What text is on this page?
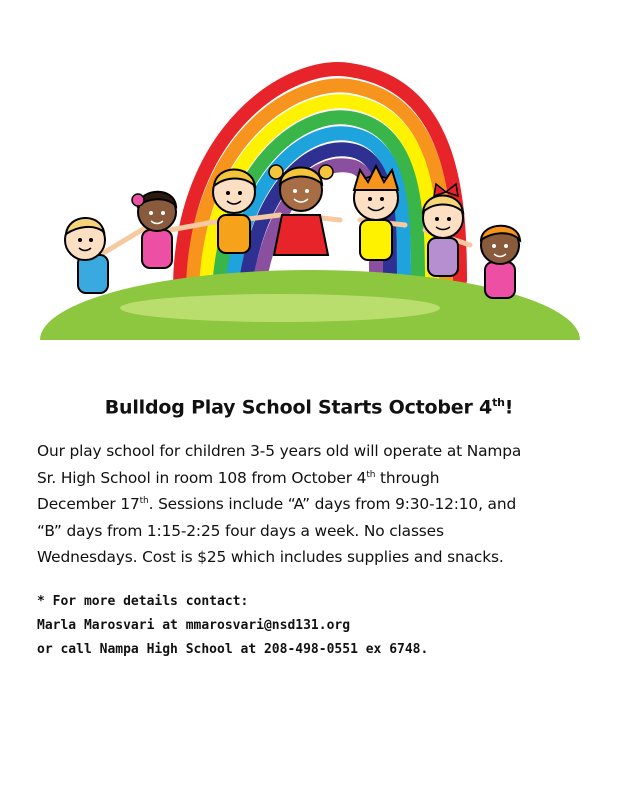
Bulldog Play School Starts October 4th!

Our play school for children 3-5 years old will operate at Nampa

Sr. High School in room 108 from October 4th through

December 17th. Sessions include “A” days from 9:30-12:10, and

“B” days from 1:15-2:25 four days a week. No classes

Wednesdays. Cost is $25 which includes supplies and snacks.

* For more details contact:
Marla Marosvari at mmarosvari@nsd131.org
or call Nampa High School at 208-498-0551 ex 6748.
